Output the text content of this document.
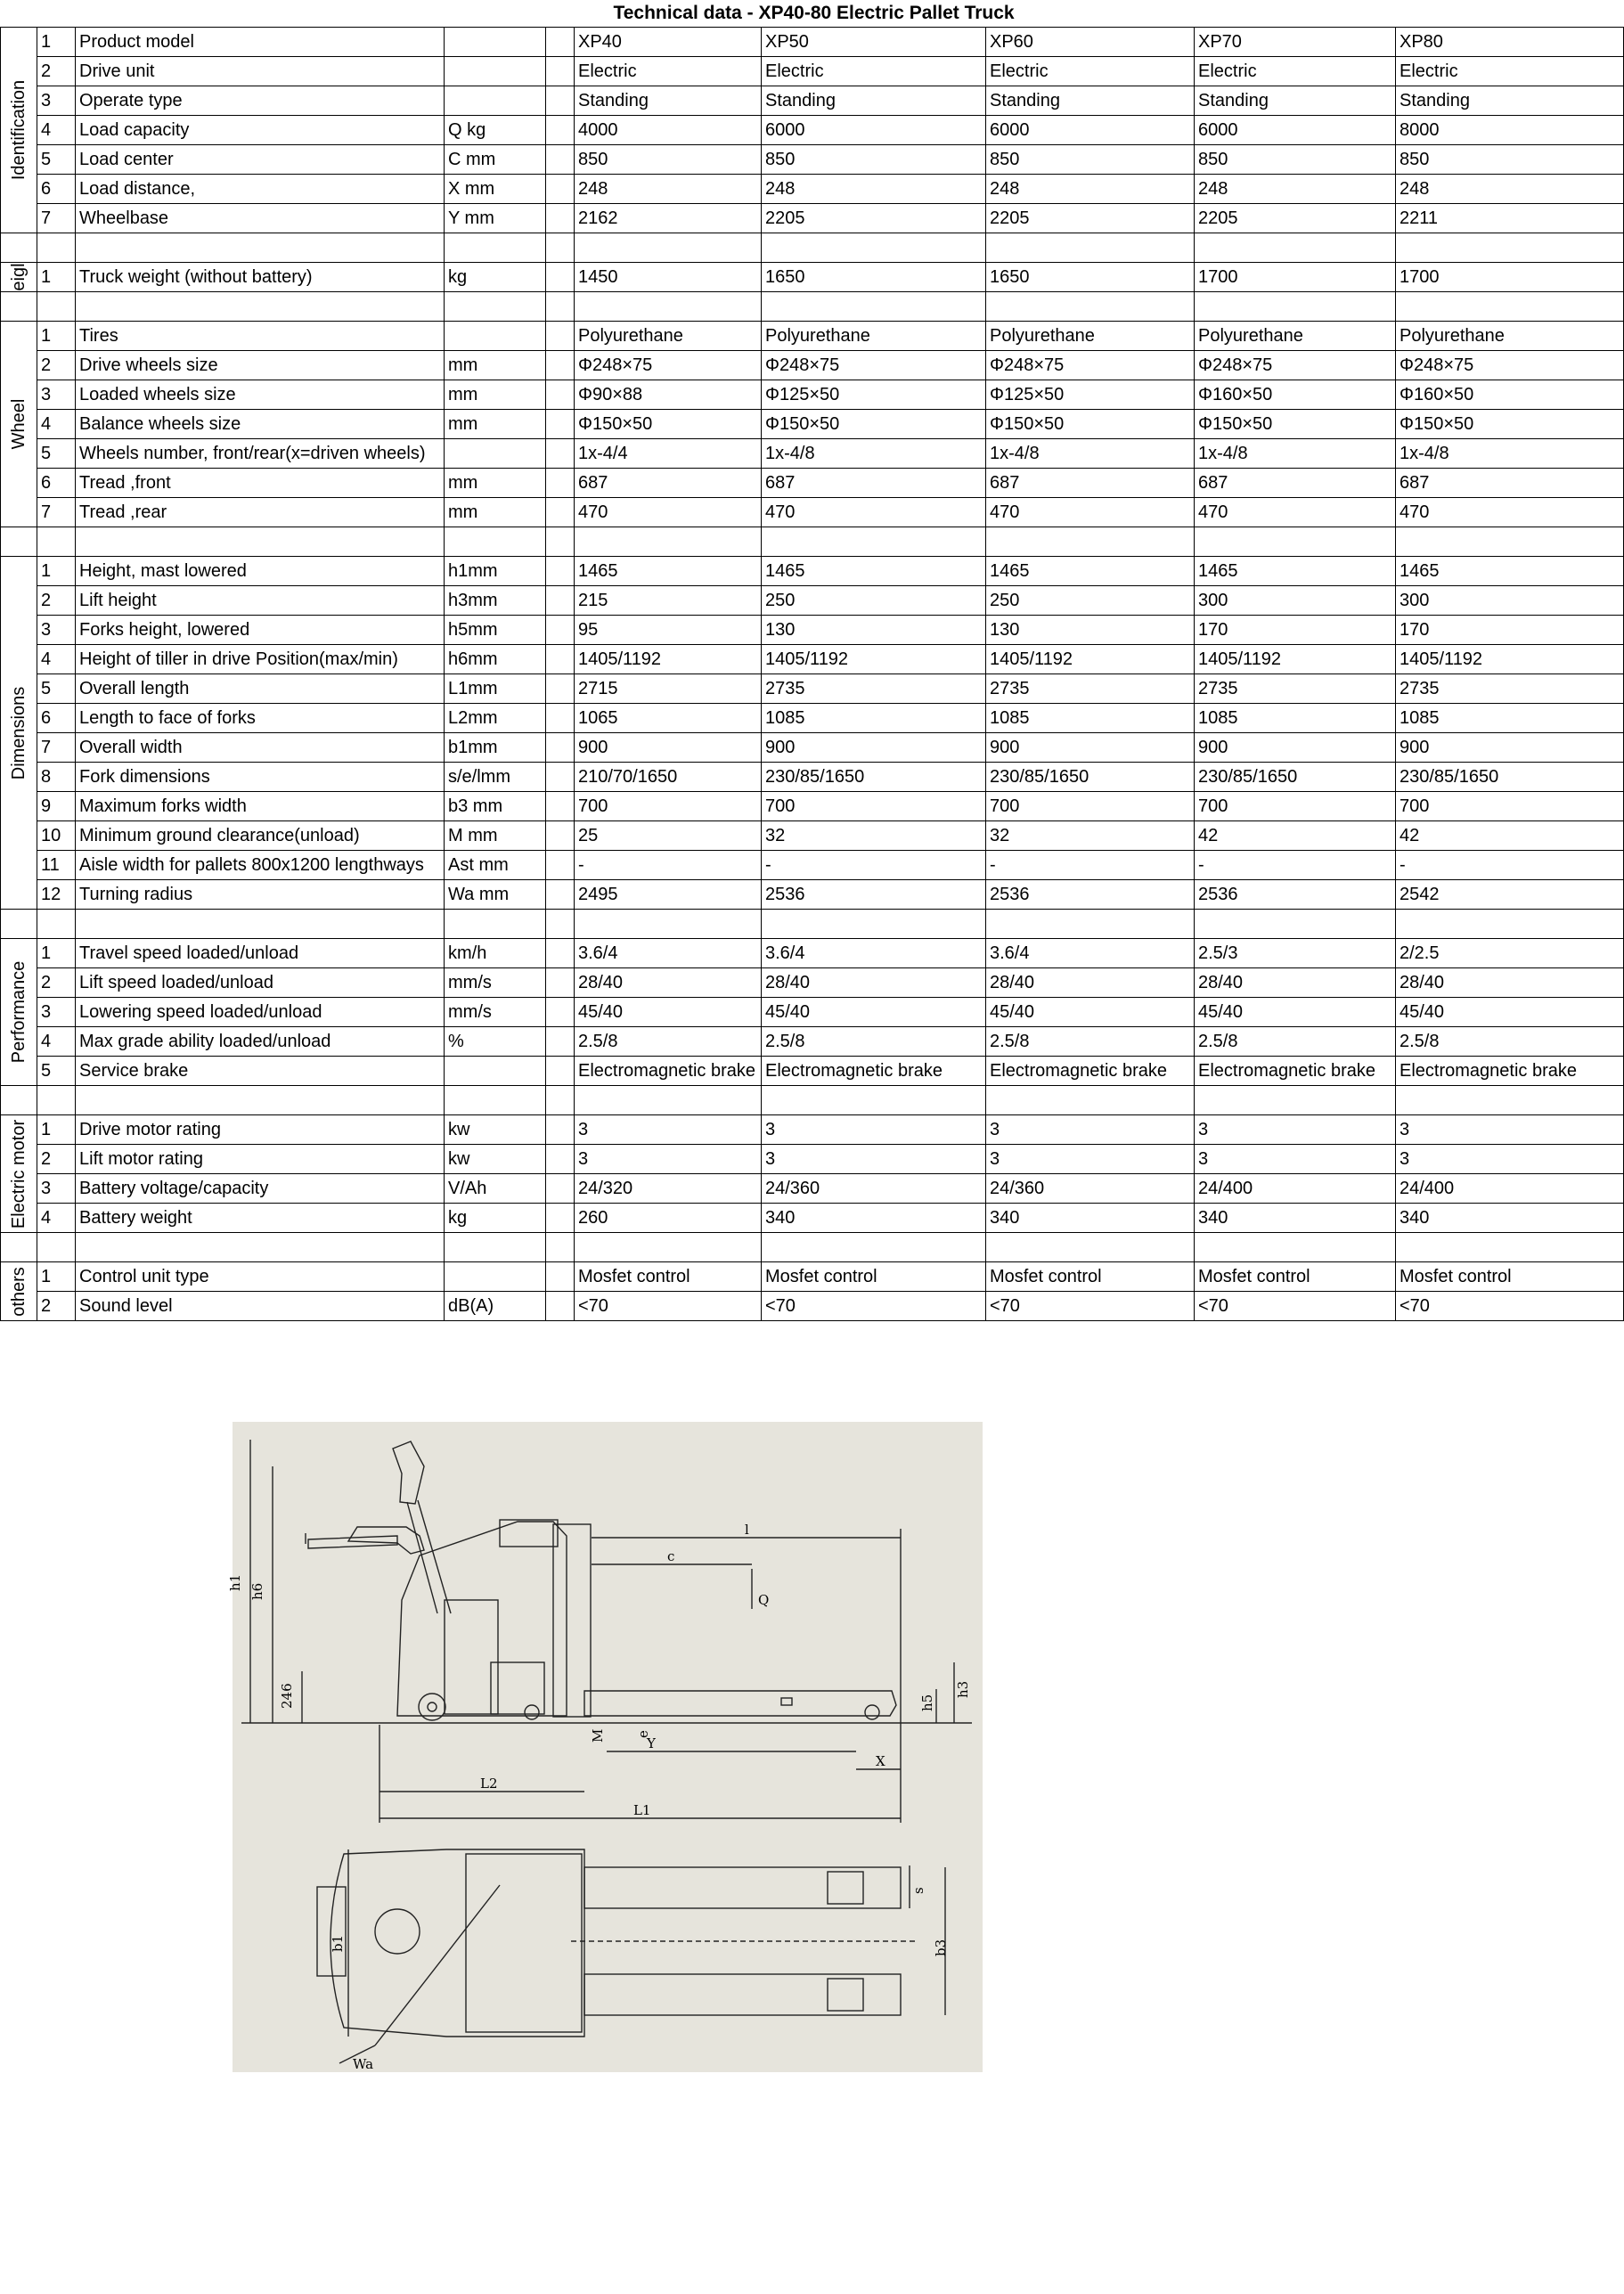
Technical data - XP40-80 Electric Pallet Truck									

Identification	1	Product model			XP40	XP50	XP60	XP70	XP80
	2	Drive unit			Electric	Electric	Electric	Electric	Electric
	3	Operate type			Standing	Standing	Standing	Standing	Standing
	4	Load capacity	Q kg		4000	6000	6000	6000	8000
	5	Load center	C mm		850	850	850	850	850
	6	Load distance,	X mm		248	248	248	248	248
	7	Wheelbase	Y mm		2162	2205	2205	2205	2211

eigl	1	Truck weight (without battery)	kg		1450	1650	1650	1700	1700

Wheel	1	Tires			Polyurethane	Polyurethane	Polyurethane	Polyurethane	Polyurethane
	2	Drive wheels size	mm		Φ248×75	Φ248×75	Φ248×75	Φ248×75	Φ248×75
	3	Loaded wheels size	mm		Φ90×88	Φ125×50	Φ125×50	Φ160×50	Φ160×50
	4	Balance wheels size	mm		Φ150×50	Φ150×50	Φ150×50	Φ150×50	Φ150×50
	5	Wheels number, front/rear(x=driven wheels)			1x-4/4	1x-4/8	1x-4/8	1x-4/8	1x-4/8
	6	Tread ,front	mm		687	687	687	687	687
	7	Tread ,rear	mm		470	470	470	470	470

Dimensions	1	Height, mast lowered	h1mm		1465	1465	1465	1465	1465
	2	Lift height	h3mm		215	250	250	300	300
	3	Forks height, lowered	h5mm		95	130	130	170	170
	4	Height of tiller in drive Position(max/min)	h6mm		1405/1192	1405/1192	1405/1192	1405/1192	1405/1192
	5	Overall length	L1mm		2715	2735	2735	2735	2735
	6	Length to face of forks	L2mm		1065	1085	1085	1085	1085
	7	Overall width	b1mm		900	900	900	900	900
	8	Fork dimensions	s/e/lmm		210/70/1650	230/85/1650	230/85/1650	230/85/1650	230/85/1650
	9	Maximum forks width	b3 mm		700	700	700	700	700
	10	Minimum ground clearance(unload)	M mm		25	32	32	42	42
	11	Aisle width for pallets 800x1200 lengthways	Ast mm		-	-	-	-	-
	12	Turning radius	Wa mm		2495	2536	2536	2536	2542

Performance	1	Travel speed loaded/unload	km/h		3.6/4	3.6/4	3.6/4	2.5/3	2/2.5
	2	Lift speed loaded/unload	mm/s		28/40	28/40	28/40	28/40	28/40
	3	Lowering speed loaded/unload	mm/s		45/40	45/40	45/40	45/40	45/40
	4	Max grade ability loaded/unload	%		2.5/8	2.5/8	2.5/8	2.5/8	2.5/8
	5	Service brake			Electromagnetic brake	Electromagnetic brake	Electromagnetic brake	Electromagnetic brake	Electromagnetic brake

Electric motor	1	Drive motor rating	kw		3	3	3	3	3
	2	Lift motor rating	kw		3	3	3	3	3
	3	Battery voltage/capacity	V/Ah		24/320	24/360	24/360	24/400	24/400
	4	Battery weight	kg		260	340	340	340	340

others	1	Control unit type			Mosfet control	Mosfet control	Mosfet control	Mosfet control	Mosfet control
	2	Sound level	dB(A)		<70	<70	<70	<70	<70
h1
h6
246
l
c
Q
h3
h5
M e
Y
X
L2
L1
b1
s
b3
Wa
